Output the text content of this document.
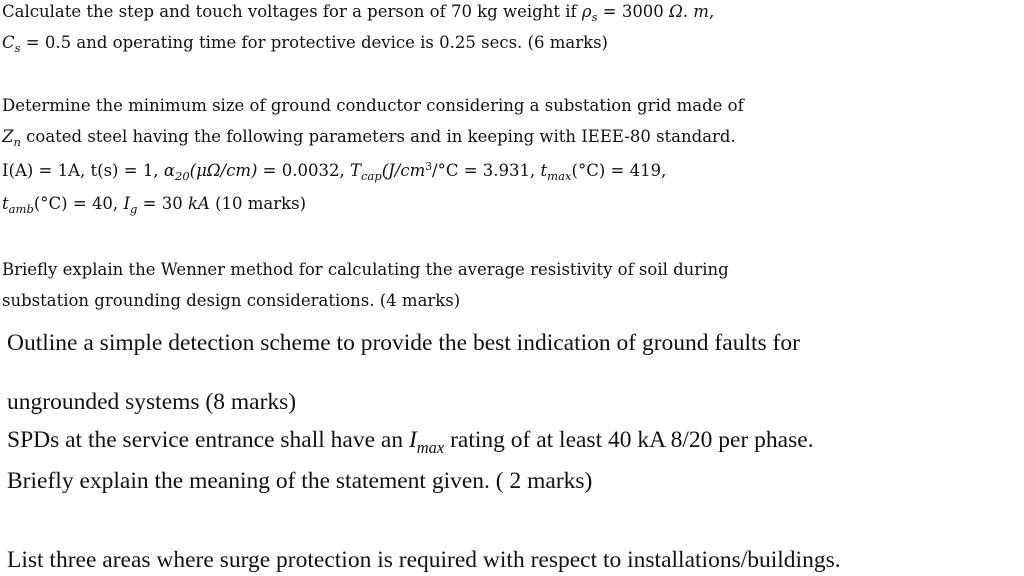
Calculate the step and touch voltages for a person of 70 kg weight if $\rho_s = 3000$ Ω. m,
$C_s = 0.5$ and operating time for protective device is 0.25 secs. (6 marks)
Determine the minimum size of ground conductor considering a substation grid made of
$Z_n$ coated steel having the following parameters and in keeping with IEEE-80 standard.
I(A) = 1A, t(s) = 1, $\alpha_{20}(\mu\Omega/cm) = 0.0032$, $T_{cap}(J/cm^3/^\circ C = 3.931$, $t_{max}(^\circ C) = 419$,
$t_{amb}(^\circ C) = 40$, $I_g = 30$ kA (10 marks)
Briefly explain the Wenner method for calculating the average resistivity of soil during
substation grounding design considerations. (4 marks)
Outline a simple detection scheme to provide the best indication of ground faults for
ungrounded systems (8 marks)
SPDs at the service entrance shall have an $I_{max}$ rating of at least 40 kA 8/20 per phase.
Briefly explain the meaning of the statement given. ( 2 marks)
List three areas where surge protection is required with respect to installations/buildings.
